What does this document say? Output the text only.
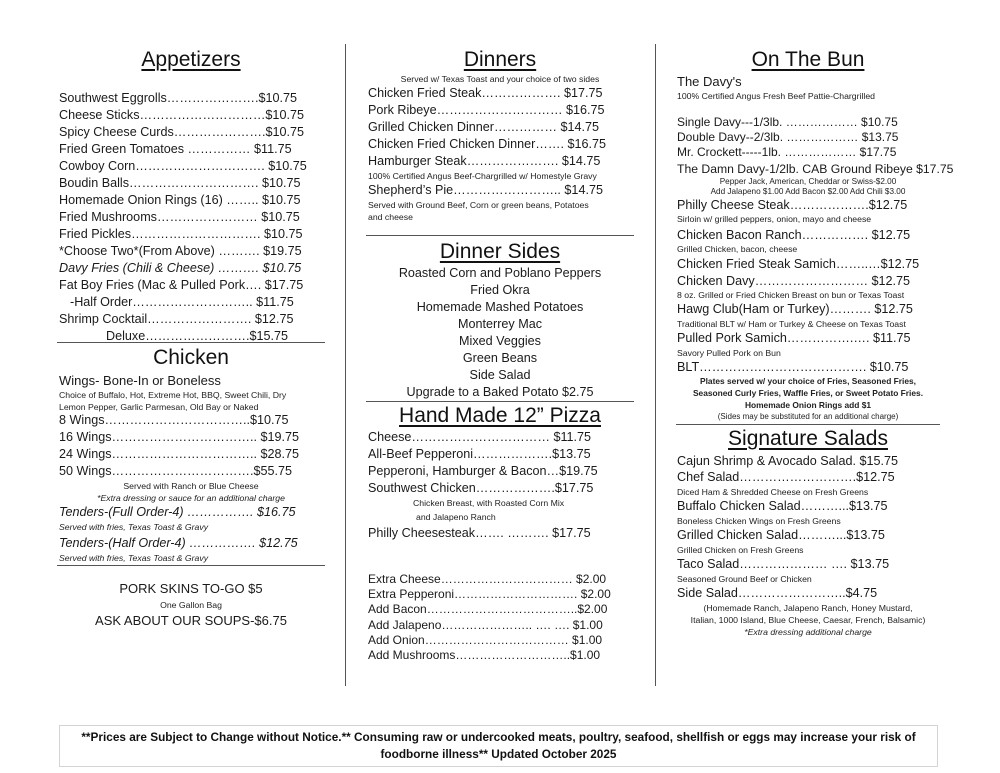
Appetizers
Southwest Eggrolls………………….$10.75
Cheese Sticks…………………………$10.75
Spicy Cheese Curds………………….$10.75
Fried Green Tomatoes …………… $11.75
Cowboy Corn…………………………. $10.75
Boudin Balls…………………………. $10.75
Homemade Onion Rings (16) …….. $10.75
Fried Mushrooms…………………… $10.75
Fried Pickles…………………………. $10.75
*Choose Two*(From Above) ………. $19.75
Davy Fries (Chili & Cheese) ………. $10.75
Fat Boy Fries (Mac & Pulled Pork…. $17.75
-Half Order……………………….. $11.75
Shrimp Cocktail……………………. $12.75
Deluxe…………………….$15.75
Chicken
Wings- Bone-In or Boneless
Choice of Buffalo, Hot, Extreme Hot, BBQ, Sweet Chili, Dry
Lemon Pepper, Garlic Parmesan, Old Bay or Naked
8 Wings……………………………..$10.75
16 Wings…………………………….. $19.75
24 Wings…………………………….. $28.75
50 Wings…………………………….$55.75
Served with Ranch or Blue Cheese
*Extra dressing or sauce for an additional charge
Tenders-(Full Order-4) ……………. $16.75
Served with fries, Texas Toast & Gravy
Tenders-(Half Order-4) ……………. $12.75
Served with fries, Texas Toast & Gravy
PORK SKINS TO-GO $5
One Gallon Bag
ASK ABOUT OUR SOUPS-$6.75
Dinners
Served w/ Texas Toast and your choice of two sides
Chicken Fried Steak………………. $17.75
Pork Ribeye………………………… $16.75
Grilled Chicken Dinner…………… $14.75
Chicken Fried Chicken Dinner……. $16.75
Hamburger Steak…………………. $14.75
100% Certified Angus Beef-Chargrilled w/ Homestyle Gravy
Shepherd’s Pie…………………….. $14.75
Served with Ground Beef, Corn or green beans, Potatoes
and cheese
Dinner Sides
Roasted Corn and Poblano Peppers
Fried Okra
Homemade Mashed Potatoes
Monterrey Mac
Mixed Veggies
Green Beans
Side Salad
Upgrade to a Baked Potato $2.75
Hand Made 12” Pizza
Cheese…………………………… $11.75
All-Beef Pepperoni……………….$13.75
Pepperoni, Hamburger & Bacon…$19.75
Southwest Chicken……………….$17.75
Chicken Breast, with Roasted Corn Mix
and Jalapeno Ranch
Philly Cheesesteak……. ………. $17.75
Extra Cheese…………………………… $2.00
Extra Pepperoni…………………………. $2.00
Add Bacon………………………………..$2.00
Add Jalapeno………………….. …. …. $1.00
Add Onion……………………………… $1.00
Add Mushrooms………………………..$1.00
On The Bun
The Davy's
100% Certified Angus Fresh Beef Pattie-Chargrilled
Single Davy---1/3lb. ……………… $10.75
Double Davy--2/3lb. ……………… $13.75
Mr. Crockett-----1lb. ……………… $17.75
The Damn Davy-1/2lb. CAB Ground Ribeye $17.75
Pepper Jack, American, Cheddar or Swiss-$2.00
Add Jalapeno $1.00 Add Bacon $2.00 Add Chili $3.00
Philly Cheese Steak……………….$12.75
Sirloin w/ grilled peppers, onion, mayo and cheese
Chicken Bacon Ranch……………. $12.75
Grilled Chicken, bacon, cheese
Chicken Fried Steak Samich……..…$12.75
Chicken Davy……………………… $12.75
8 oz. Grilled or Fried Chicken Breast on bun or Texas Toast
Hawg Club(Ham or Turkey)………. $12.75
Traditional BLT w/ Ham or Turkey & Cheese on Texas Toast
Pulled Pork Samich…………….…. $11.75
Savory Pulled Pork on Bun
BLT…………………………………. $10.75
Plates served w/ your choice of Fries, Seasoned Fries,
Seasoned Curly Fries, Waffle Fries, or Sweet Potato Fries.
Homemade Onion Rings add $1
(Sides may be substituted for an additional charge)
Signature Salads
Cajun Shrimp & Avocado Salad. $15.75
Chef Salad……………………….$12.75
Diced Ham & Shredded Cheese on Fresh Greens
Buffalo Chicken Salad………...$13.75
Boneless Chicken Wings on Fresh Greens
Grilled Chicken Salad………...$13.75
Grilled Chicken on Fresh Greens
Taco Salad………………… …. $13.75
Seasoned Ground Beef or Chicken
Side Salad……………………..$4.75
(Homemade Ranch, Jalapeno Ranch, Honey Mustard,
Italian, 1000 Island, Blue Cheese, Caesar, French, Balsamic)
*Extra dressing additional charge
**Prices are Subject to Change without Notice.** Consuming raw or undercooked meats, poultry, seafood, shellfish or eggs may increase your risk of
foodborne illness** Updated October 2025
